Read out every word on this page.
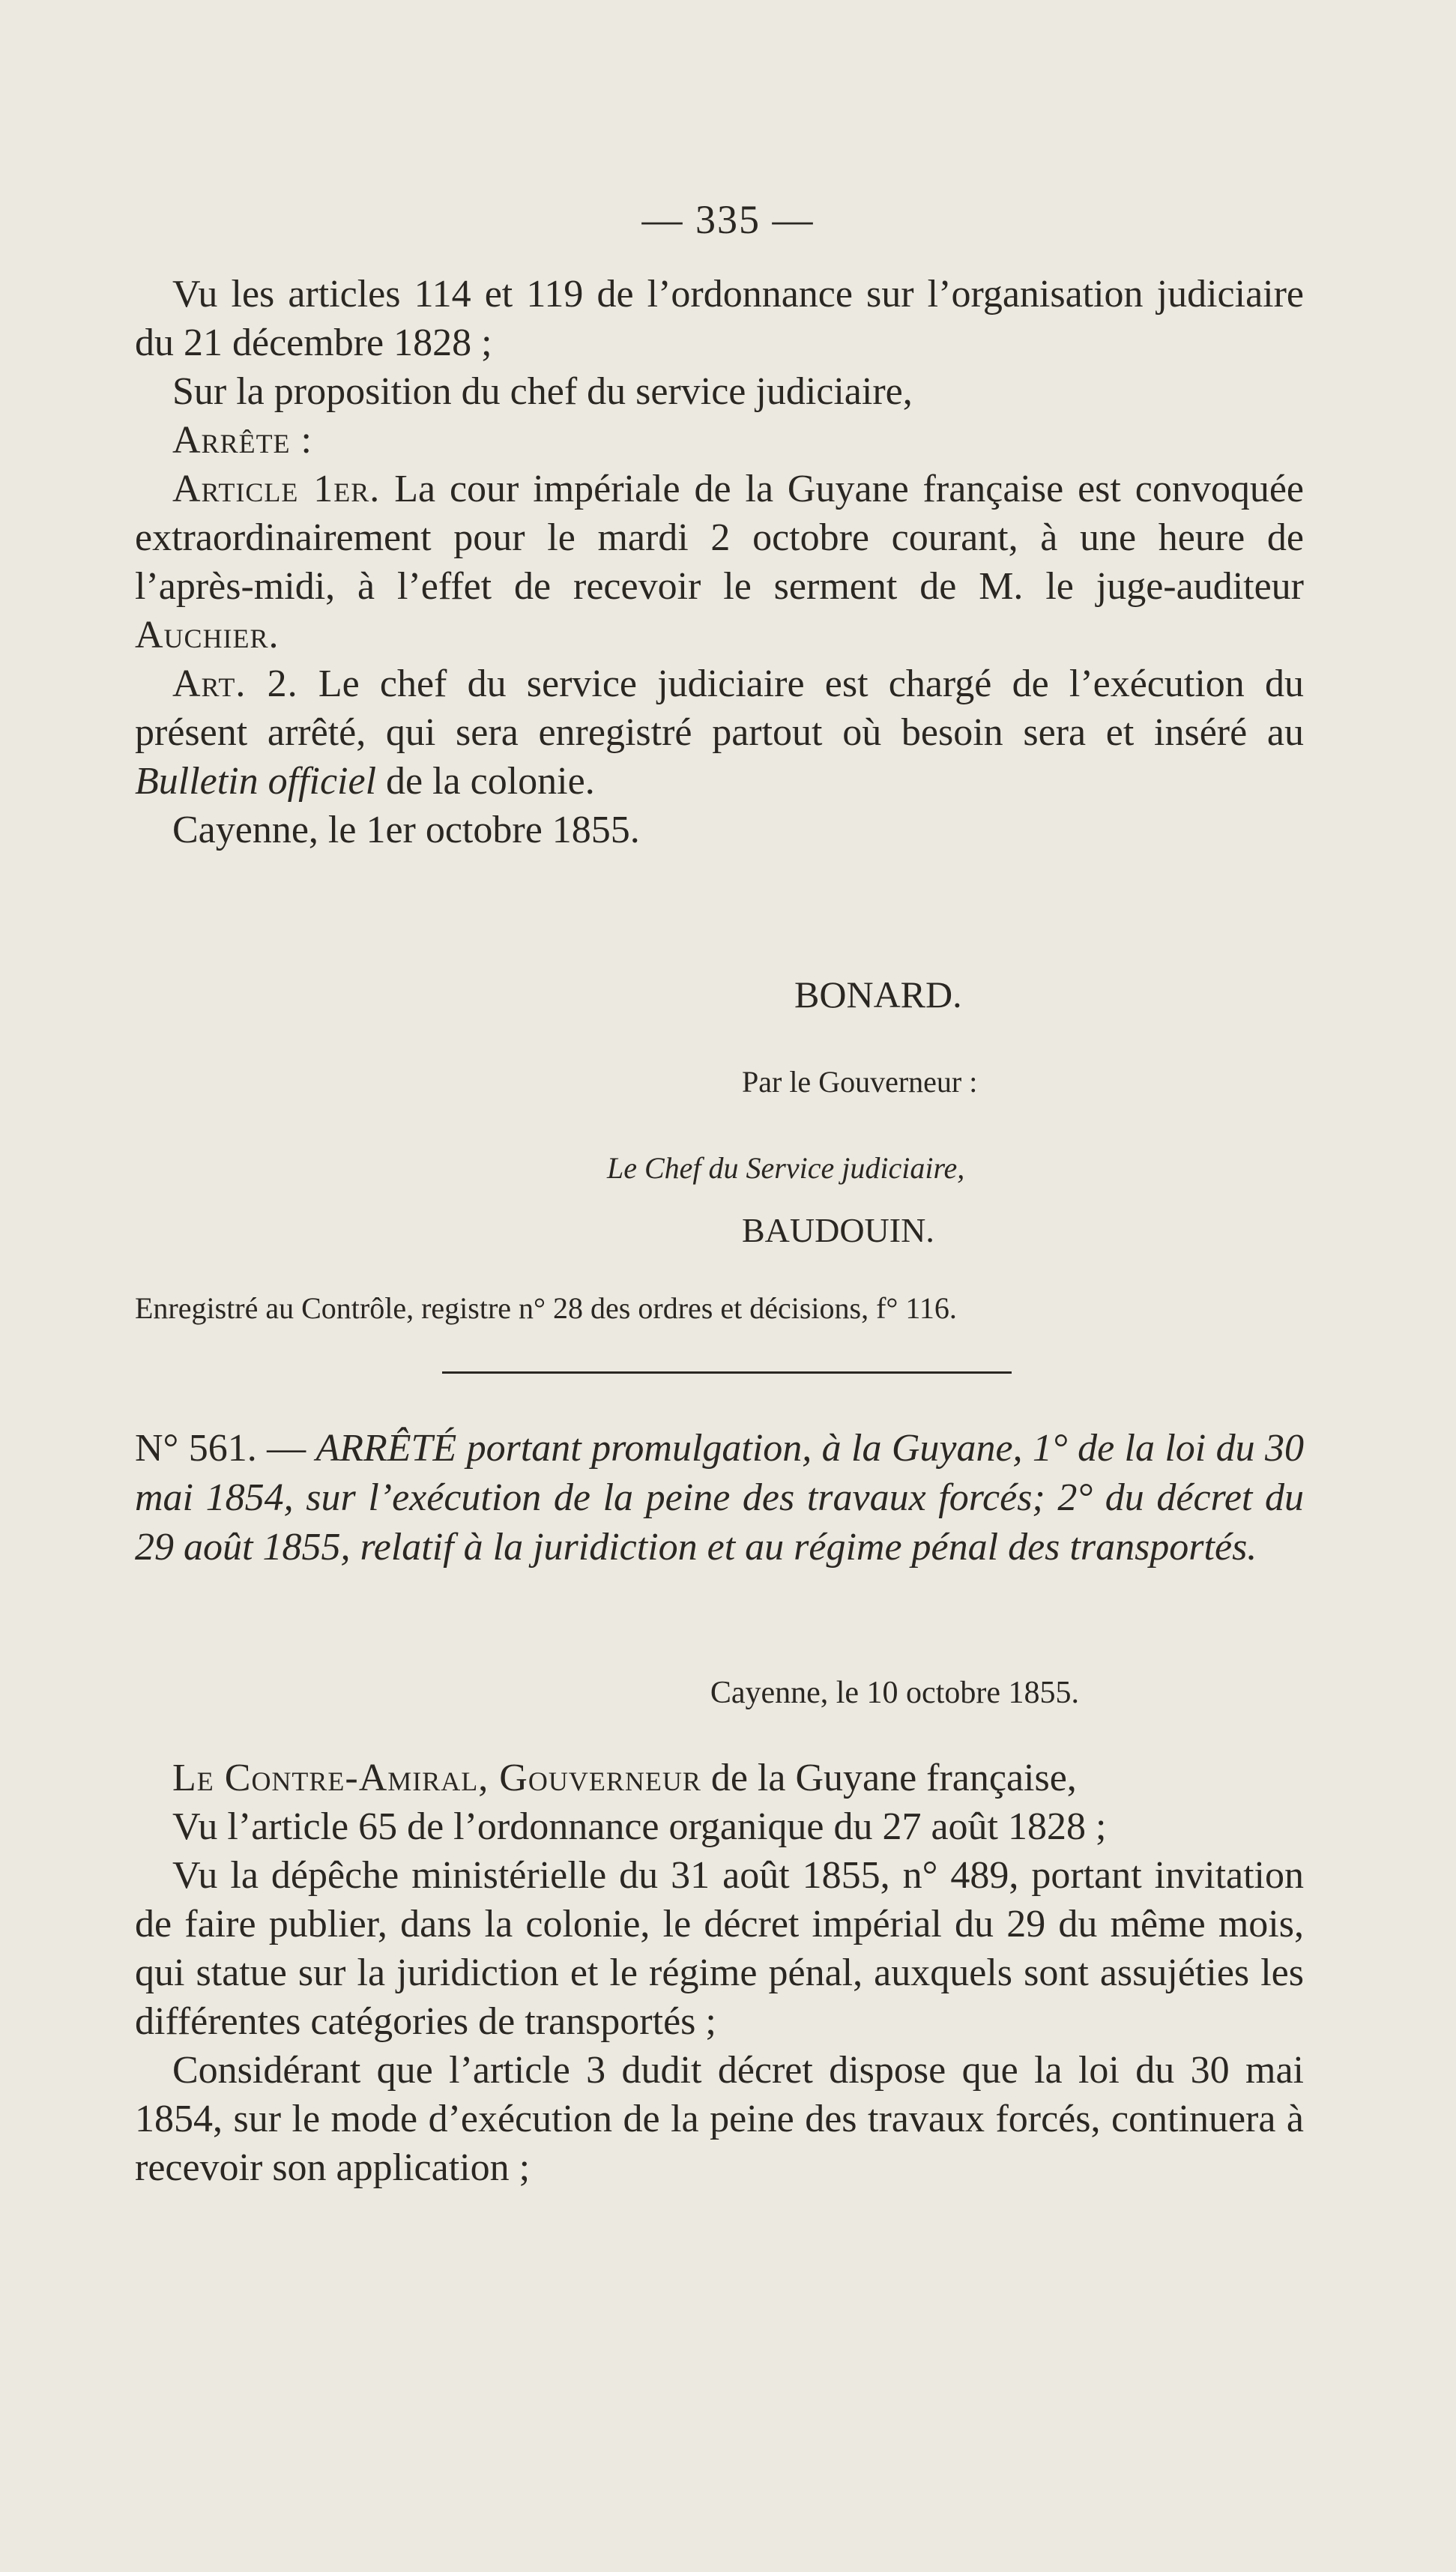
— 335 —

Vu les articles 114 et 119 de l’ordonnance sur l’organisation judiciaire du 21 décembre 1828 ;

Sur la proposition du chef du service judiciaire,

Arrête :

Article 1er. La cour impériale de la Guyane française est convoquée extraordinairement pour le mardi 2 octobre courant, à une heure de l’après-midi, à l’effet de recevoir le serment de M. le juge-auditeur Auchier.

Art. 2. Le chef du service judiciaire est chargé de l’exécution du présent arrêté, qui sera enregistré partout où besoin sera et inséré au Bulletin officiel de la colonie.

Cayenne, le 1er octobre 1855.

BONARD.
Par le Gouverneur :
Le Chef du Service judiciaire,
BAUDOUIN.
Enregistré au Contrôle, registre n° 28 des ordres et décisions, f° 116.

N° 561. — ARRÊTÉ portant promulgation, à la Guyane, 1° de la loi du 30 mai 1854, sur l’exécution de la peine des travaux forcés; 2° du décret du 29 août 1855, relatif à la juridiction et au régime pénal des transportés.

Cayenne, le 10 octobre 1855.

Le Contre-Amiral, Gouverneur de la Guyane française,

Vu l’article 65 de l’ordonnance organique du 27 août 1828 ;

Vu la dépêche ministérielle du 31 août 1855, n° 489, portant invitation de faire publier, dans la colonie, le décret impérial du 29 du même mois, qui statue sur la juridiction et le régime pénal, auxquels sont assujéties les différentes catégories de transportés ;

Considérant que l’article 3 dudit décret dispose que la loi du 30 mai 1854, sur le mode d’exécution de la peine des travaux forcés, continuera à recevoir son application ;
